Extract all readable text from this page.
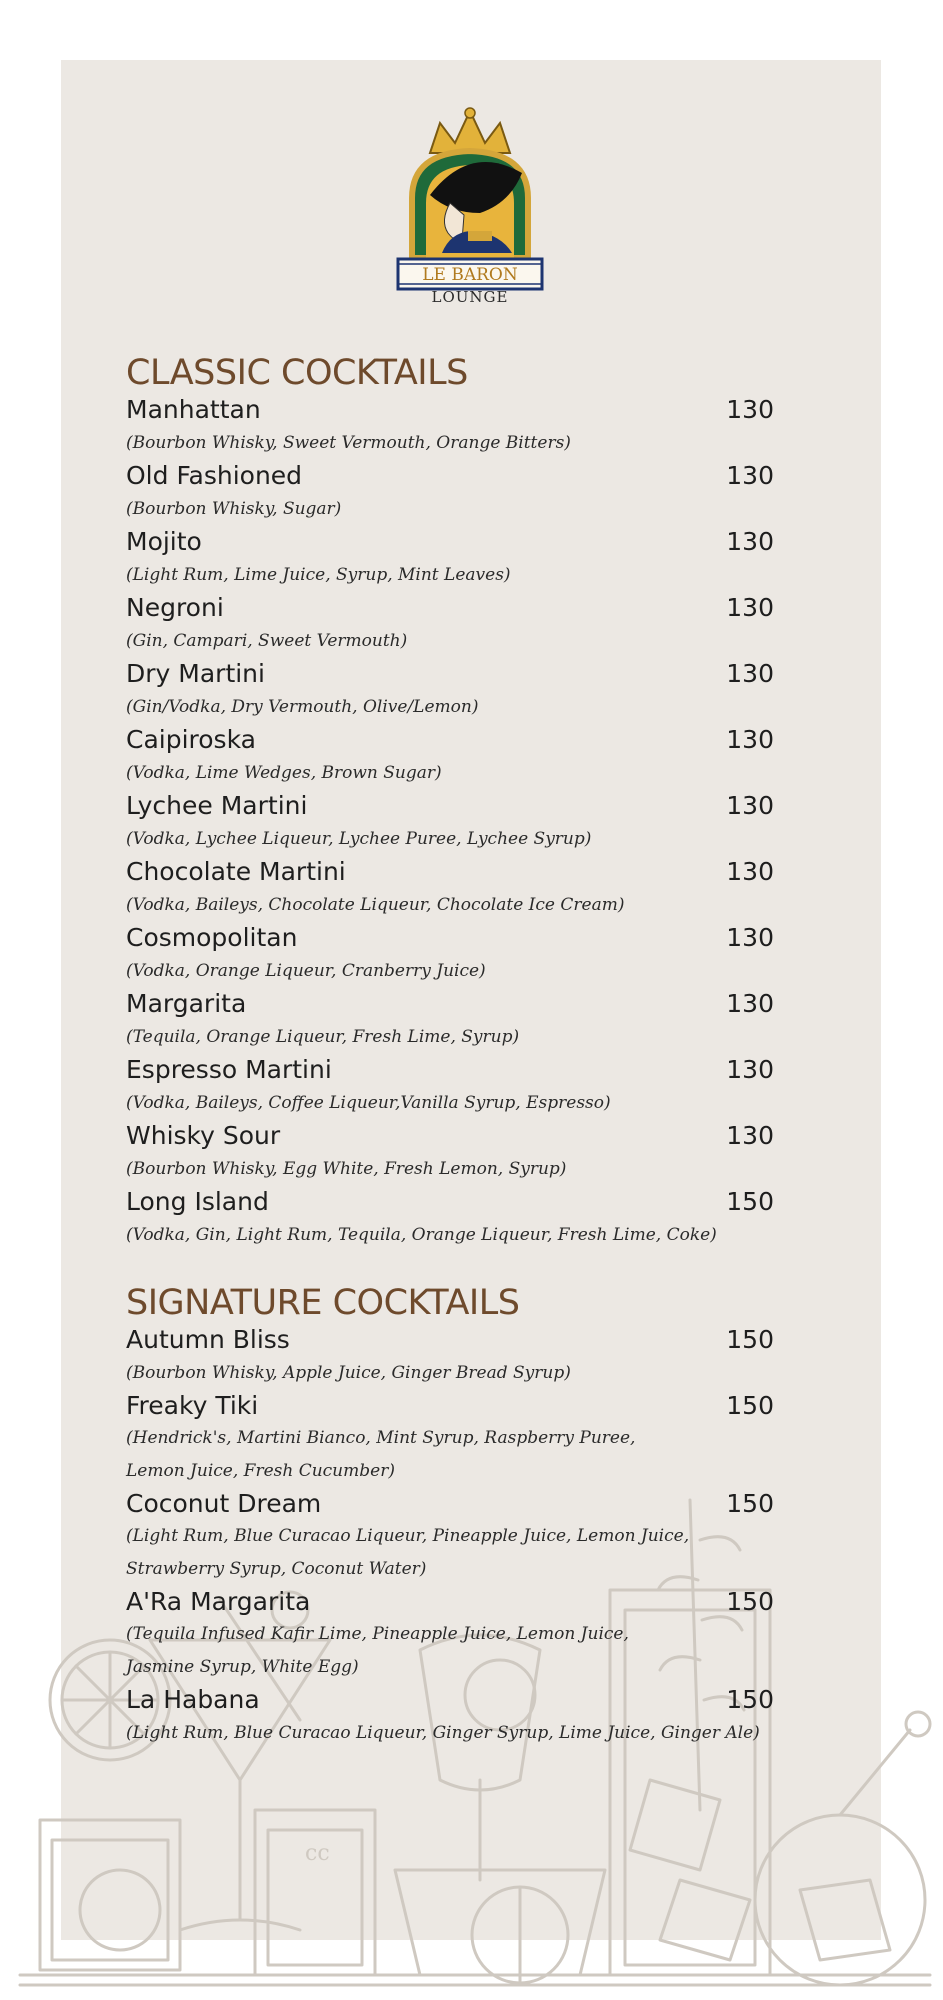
cc
LE BARON
LOUNGE
CLASSIC COCKTAILS
Manhattan	130
(Bourbon Whisky, Sweet Vermouth, Orange Bitters)
Old Fashioned	130
(Bourbon Whisky, Sugar)
Mojito	130
(Light Rum, Lime Juice, Syrup, Mint Leaves)
Negroni	130
(Gin, Campari, Sweet Vermouth)
Dry Martini	130
(Gin/Vodka, Dry Vermouth, Olive/Lemon)
Caipiroska	130
(Vodka, Lime Wedges, Brown Sugar)
Lychee Martini	130
(Vodka, Lychee Liqueur, Lychee Puree, Lychee Syrup)
Chocolate Martini	130
(Vodka, Baileys, Chocolate Liqueur, Chocolate Ice Cream)
Cosmopolitan	130
(Vodka, Orange Liqueur, Cranberry Juice)
Margarita	130
(Tequila, Orange Liqueur, Fresh Lime, Syrup)
Espresso Martini	130
(Vodka, Baileys, Coffee Liqueur,Vanilla Syrup, Espresso)
Whisky Sour	130
(Bourbon Whisky, Egg White, Fresh Lemon, Syrup)
Long Island	150
(Vodka, Gin, Light Rum, Tequila, Orange Liqueur, Fresh Lime, Coke)
SIGNATURE COCKTAILS
Autumn Bliss	150
(Bourbon Whisky, Apple Juice, Ginger Bread Syrup)
Freaky Tiki	150
(Hendrick's, Martini Bianco, Mint Syrup, Raspberry Puree,
Lemon Juice, Fresh Cucumber)
Coconut Dream	150
(Light Rum, Blue Curacao Liqueur, Pineapple Juice, Lemon Juice,
Strawberry Syrup, Coconut Water)
A'Ra Margarita	150
(Tequila Infused Kafir Lime, Pineapple Juice, Lemon Juice,
Jasmine Syrup, White Egg)
La Habana	150
(Light Rum, Blue Curacao Liqueur, Ginger Syrup, Lime Juice, Ginger Ale)
